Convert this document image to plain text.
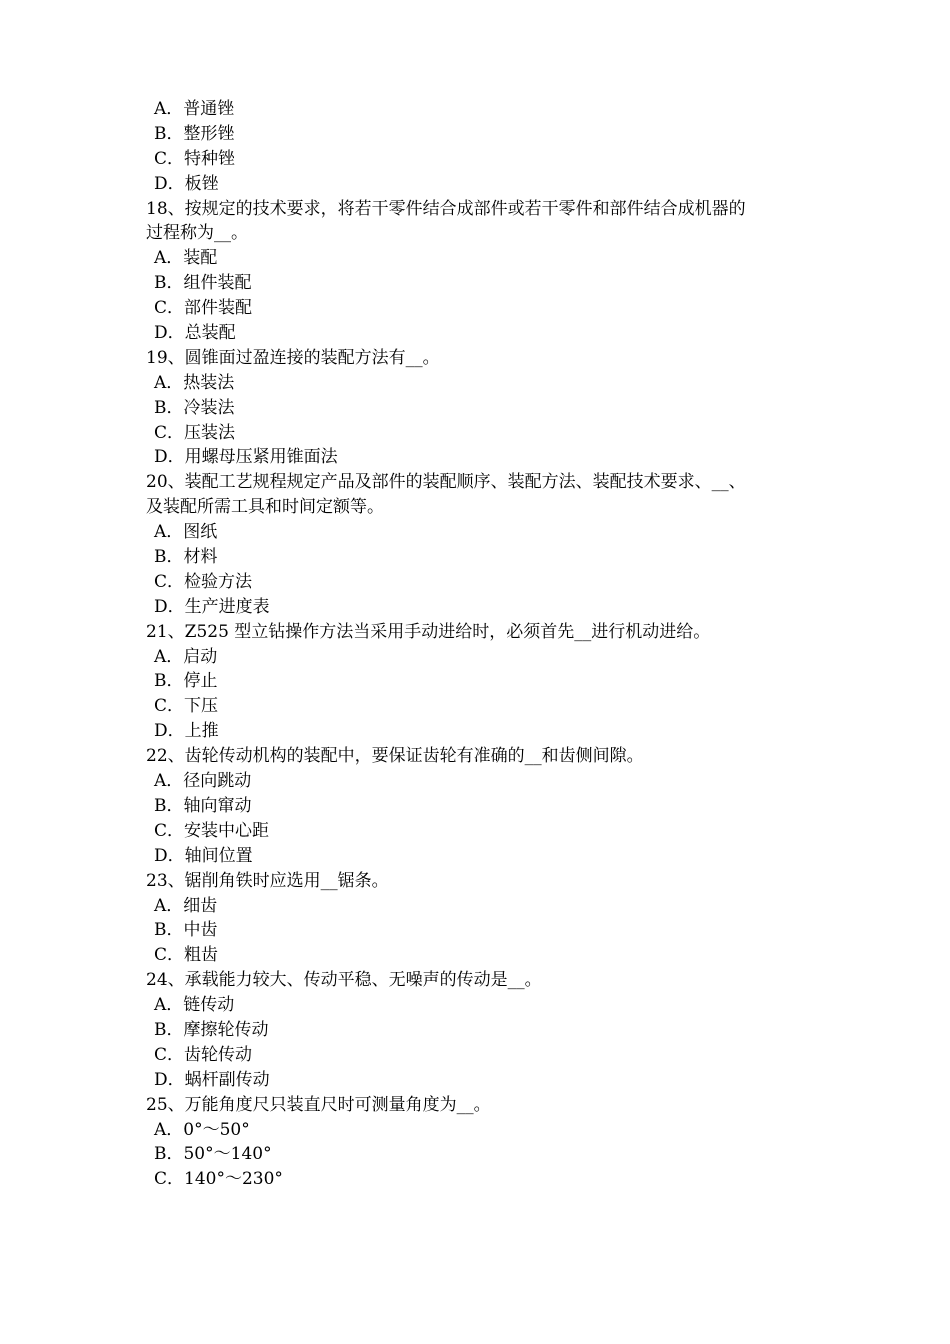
A．普通锉
B．整形锉
C．特种锉
D．板锉
18、按规定的技术要求，将若干零件结合成部件或若干零件和部件结合成机器的
过程称为__。
A．装配
B．组件装配
C．部件装配
D．总装配
19、圆锥面过盈连接的装配方法有__。
A．热装法
B．冷装法
C．压装法
D．用螺母压紧用锥面法
20、装配工艺规程规定产品及部件的装配顺序、装配方法、装配技术要求、__、
及装配所需工具和时间定额等。
A．图纸
B．材料
C．检验方法
D．生产进度表
21、Z525 型立钻操作方法当采用手动进给时，必须首先__进行机动进给。
A．启动
B．停止
C．下压
D．上推
22、齿轮传动机构的装配中，要保证齿轮有准确的__和齿侧间隙。
A．径向跳动
B．轴向窜动
C．安装中心距
D．轴间位置
23、锯削角铁时应选用__锯条。
A．细齿
B．中齿
C．粗齿
24、承载能力较大、传动平稳、无噪声的传动是__。
A．链传动
B．摩擦轮传动
C．齿轮传动
D．蜗杆副传动
25、万能角度尺只装直尺时可测量角度为__。
A．0°～50°
B．50°～140°
C．140°～230°
